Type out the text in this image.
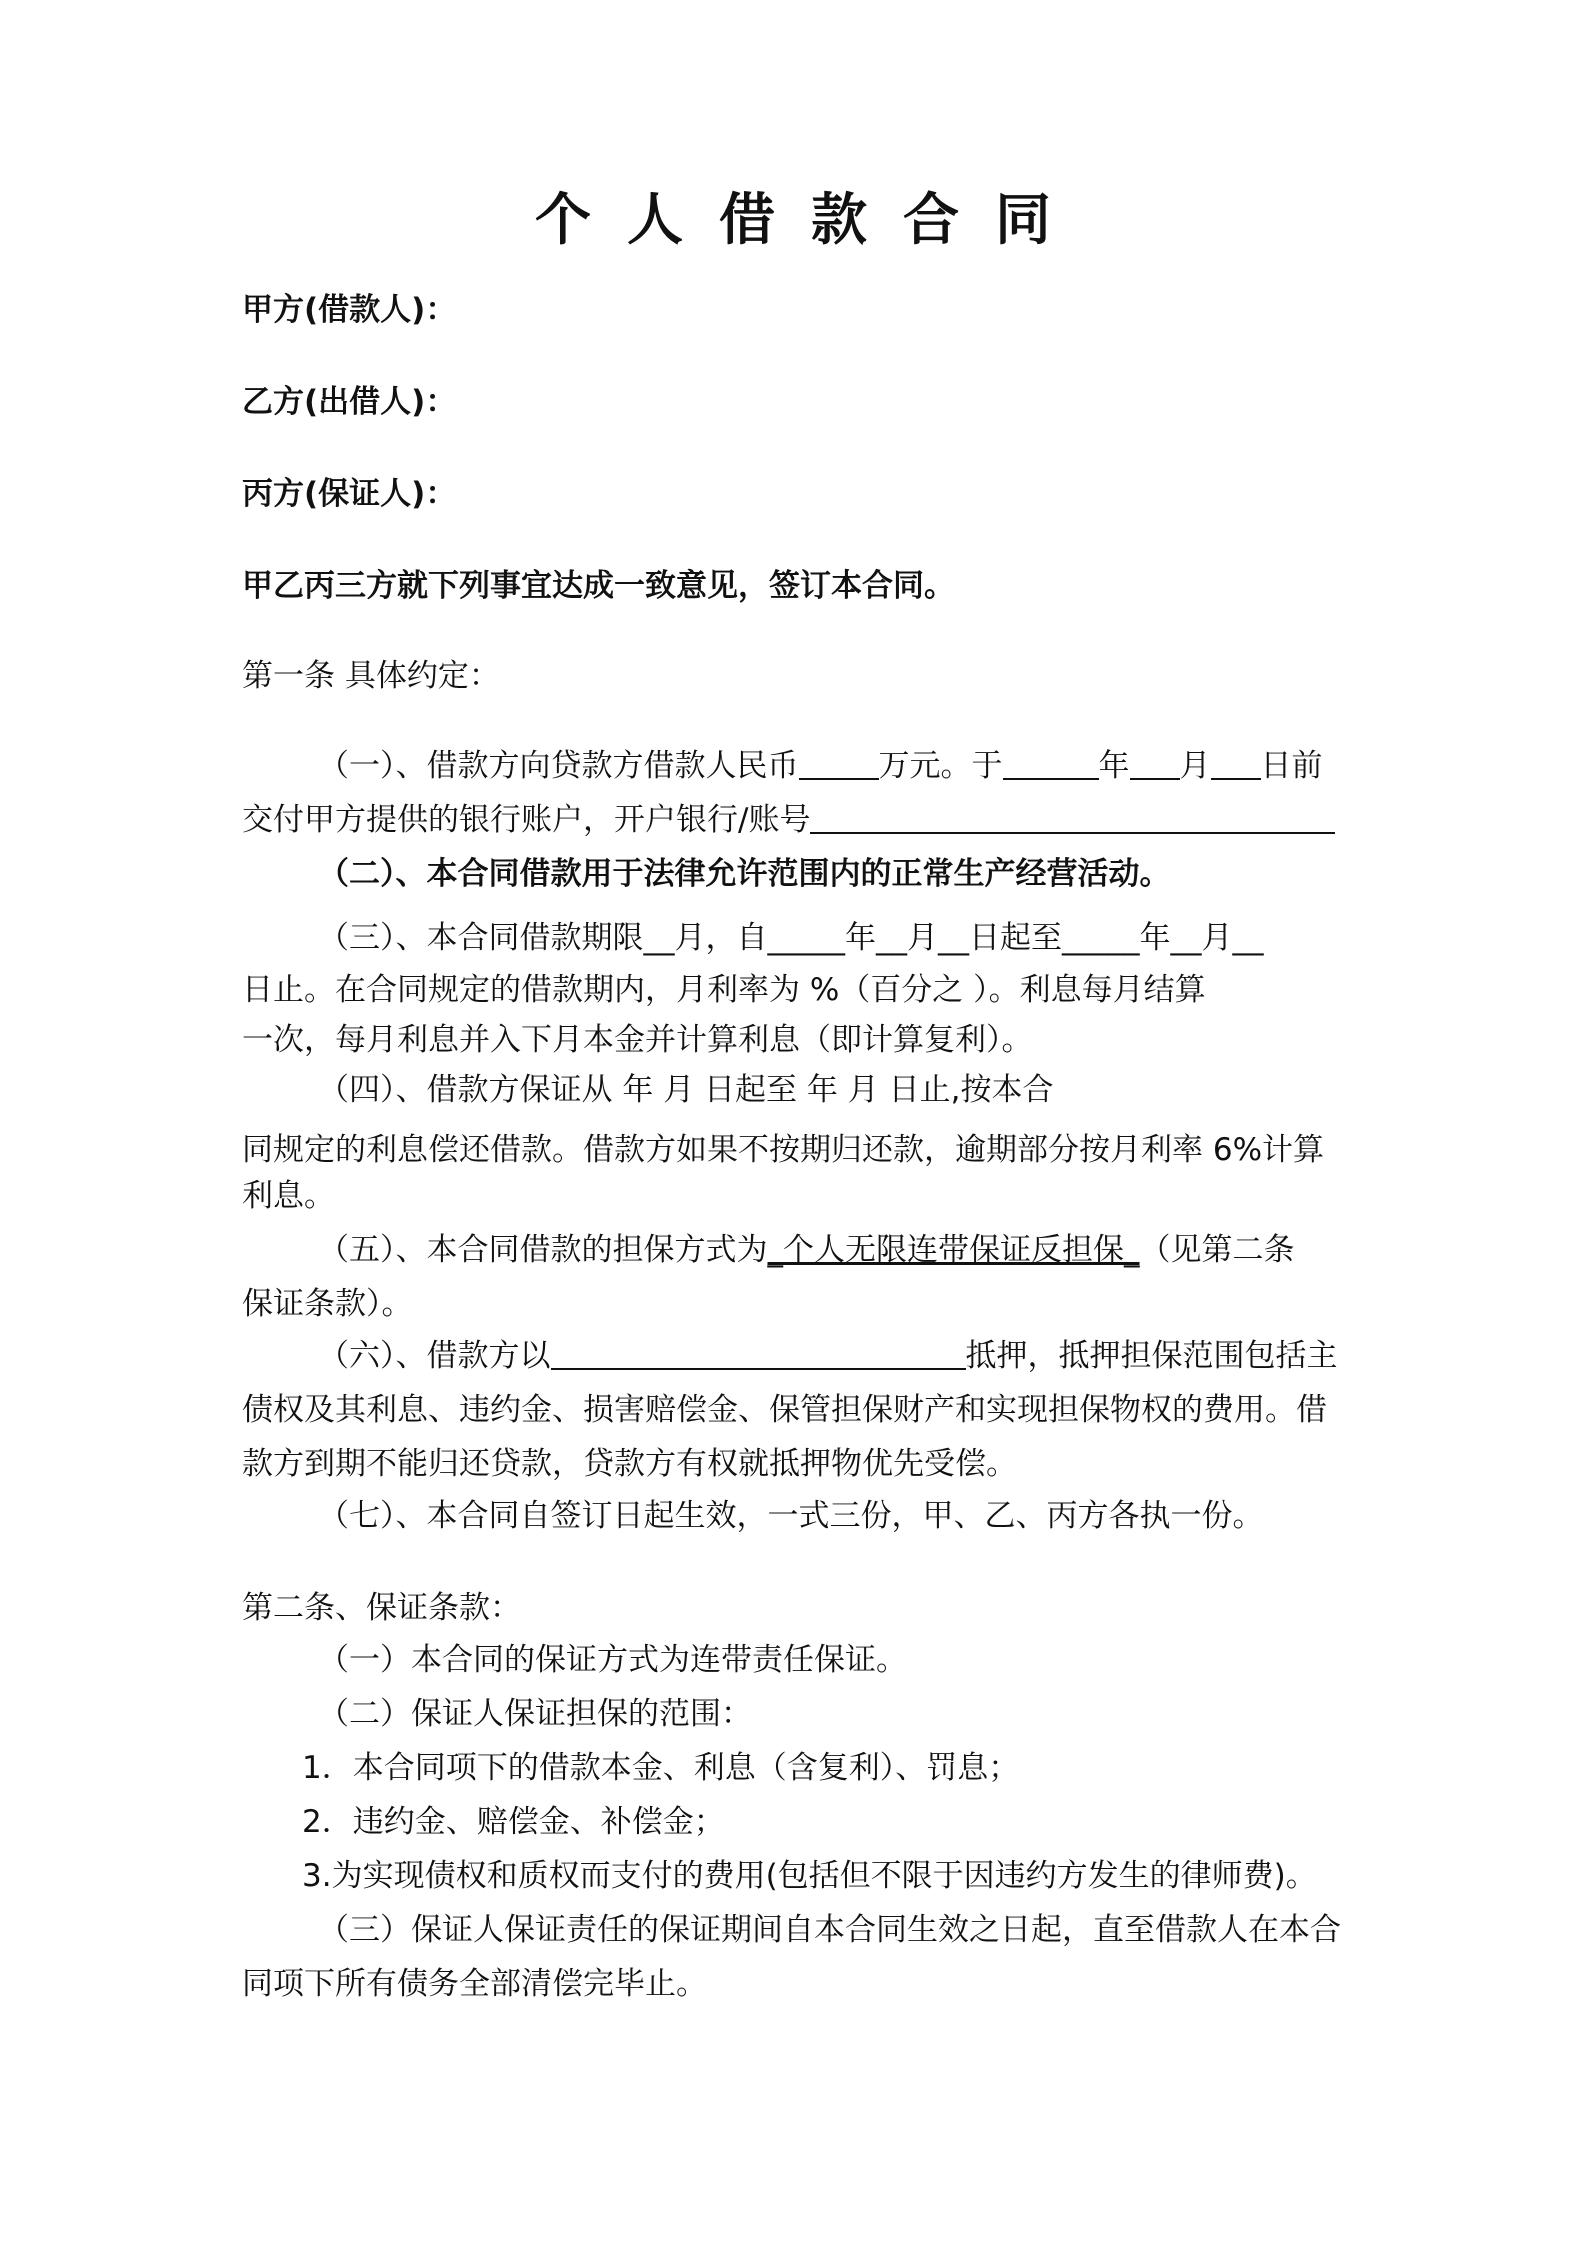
个人借款合同
甲方(借款人)：
乙方(出借人)：
丙方(保证人)：
甲乙丙三方就下列事宜达成一致意见，签订本合同。
第一条 具体约定：
（一）、借款方向贷款方借款人民币	万元。于	年 月 日前
交付甲方提供的银行账户，开户银行/账号
（二）、本合同借款用于法律允许范围内的正常生产经营活动。
（三）、本合同借款期限__月，自_____年__月__日起至_____年__月__
日止。在合同规定的借款期内，月利率为 %（百分之 ）。利息每月结算
一次，每月利息并入下月本金并计算利息（即计算复利）。
（四）、借款方保证从 年 月 日起至 年 月 日止,按本合
同规定的利息偿还借款。借款方如果不按期归还款，逾期部分按月利率 6%计算
利息。
（五）、本合同借款的担保方式为_个人无限连带保证反担保_（见第二条
保证条款）。
（六）、借款方以	抵押，抵押担保范围包括主
债权及其利息、违约金、损害赔偿金、保管担保财产和实现担保物权的费用。借
款方到期不能归还贷款，贷款方有权就抵押物优先受偿。
（七）、本合同自签订日起生效，一式三份，甲、乙、丙方各执一份。
第二条、保证条款：
（一）本合同的保证方式为连带责任保证。
（二）保证人保证担保的范围：
1．本合同项下的借款本金、利息（含复利）、罚息；
2．违约金、赔偿金、补偿金；
3.为实现债权和质权而支付的费用(包括但不限于因违约方发生的律师费)。
（三）保证人保证责任的保证期间自本合同生效之日起，直至借款人在本合
同项下所有债务全部清偿完毕止。
